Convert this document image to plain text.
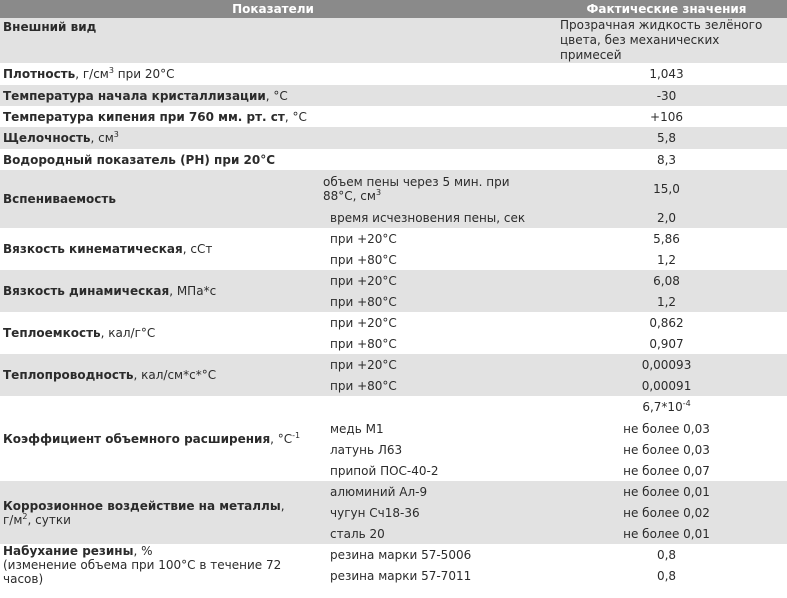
Показатели		Фактические значения
Внешний вид		Прозрачная жидкость зелёного цвета, без механических примесей
Плотность, $г/см^3$ при 20°С		1,043
Температура начала кристаллизации, °С		-30
Температура кипения при 760 мм. рт. ст, °С		+106
Щелочность, $см^3$		5,8
Водородный показатель (PH) при 20°С		8,3
Вспениваемость	объем пены через 5 мин. при 88°С, $см^3$	15,0
	время исчезновения пены, сек	2,0
Вязкость кинематическая, сСт	при +20°С	5,86
	при +80°С	1,2
Вязкость динамическая, МПа*с	при +20°С	6,08
	при +80°С	1,2
Теплоемкость, кал/г°С	при +20°С	0,862
	при +80°С	0,907
Теплопроводность, кал/см*с*°С	при +20°С	0,00093
	при +80°С	0,00091
Коэффициент объемного расширения, $^\circ С^{-1}$		$6,7*10^{-4}$
	медь М1	не более 0,03
	латунь Л63	не более 0,03
	припой ПОС-40-2	не более 0,07
Коррозионное воздействие на металлы,
$г/м^2$, сутки	алюминий Ал-9	не более 0,01
	чугун Сч18-36	не более 0,02
	сталь 20	не более 0,01
Набухание резины, %
(изменение объема при 100°С в течение 72 часов)	резина марки 57-5006	0,8
	резина марки 57-7011	0,8
